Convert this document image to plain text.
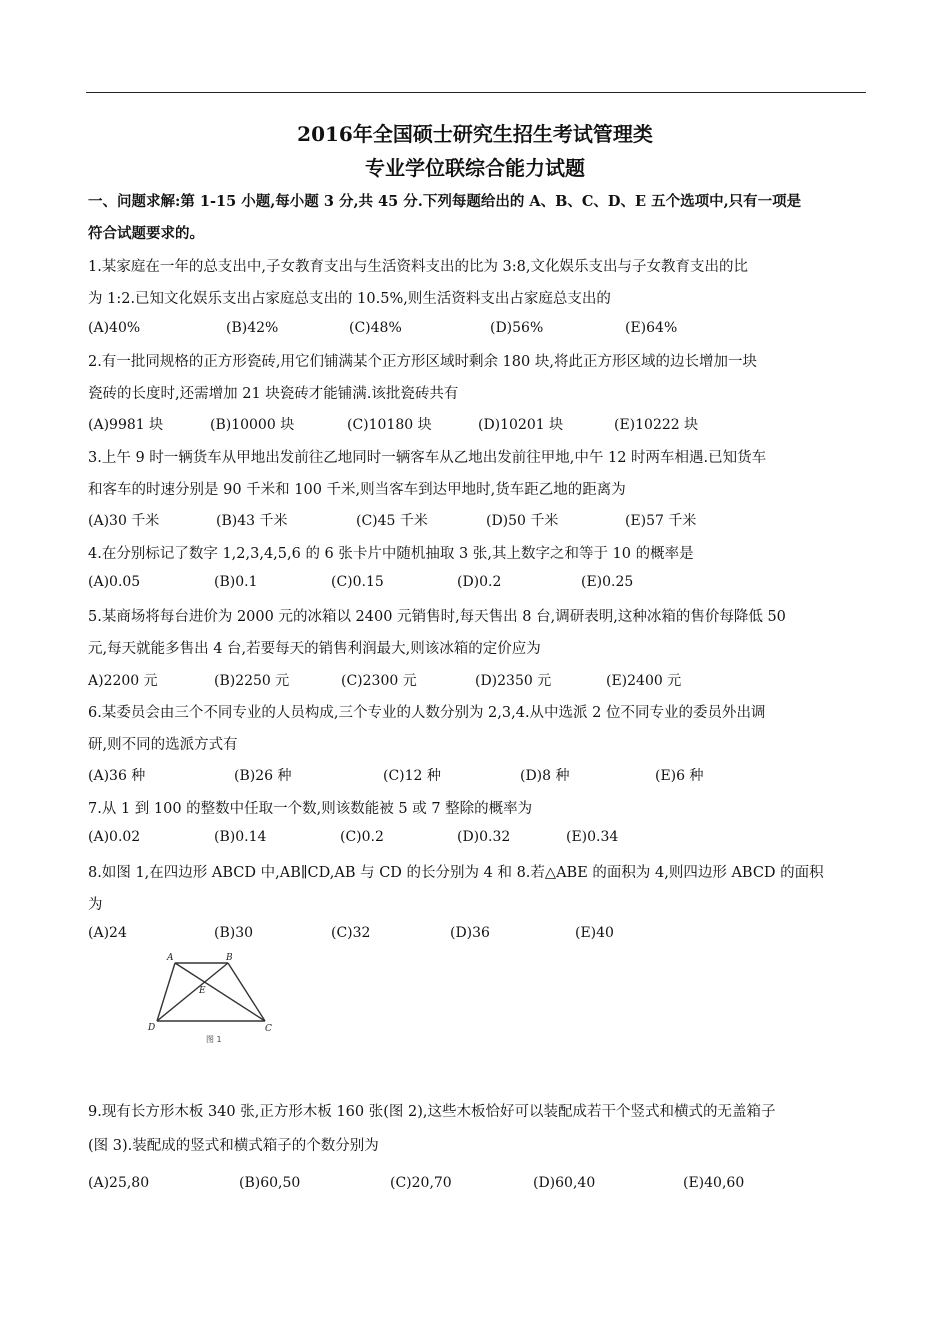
2016年全国硕士研究生招生考试管理类
专业学位联综合能力试题
一、问题求解:第 1-15 小题,每小题 3 分,共 45 分.下列每题给出的 A、B、C、D、E 五个选项中,只有一项是
符合试题要求的。
1.某家庭在一年的总支出中,子女教育支出与生活资料支出的比为 3:8,文化娱乐支出与子女教育支出的比
为 1:2.已知文化娱乐支出占家庭总支出的 10.5%,则生活资料支出占家庭总支出的
(A)40%	(B)42%	(C)48%	(D)56%	(E)64%
2.有一批同规格的正方形瓷砖,用它们铺满某个正方形区域时剩余 180 块,将此正方形区域的边长增加一块
瓷砖的长度时,还需增加 21 块瓷砖才能铺满.该批瓷砖共有
(A)9981 块	(B)10000 块	(C)10180 块	(D)10201 块	(E)10222 块
3.上午 9 时一辆货车从甲地出发前往乙地同时一辆客车从乙地出发前往甲地,中午 12 时两车相遇.已知货车
和客车的时速分别是 90 千米和 100 千米,则当客车到达甲地时,货车距乙地的距离为
(A)30 千米	(B)43 千米	(C)45 千米	(D)50 千米	(E)57 千米
4.在分别标记了数字 1,2,3,4,5,6 的 6 张卡片中随机抽取 3 张,其上数字之和等于 10 的概率是
(A)0.05	(B)0.1	(C)0.15	(D)0.2	(E)0.25
5.某商场将每台进价为 2000 元的冰箱以 2400 元销售时,每天售出 8 台,调研表明,这种冰箱的售价每降低 50
元,每天就能多售出 4 台,若要每天的销售利润最大,则该冰箱的定价应为
A)2200 元	(B)2250 元	(C)2300 元	(D)2350 元	(E)2400 元
6.某委员会由三个不同专业的人员构成,三个专业的人数分别为 2,3,4.从中选派 2 位不同专业的委员外出调
研,则不同的选派方式有
(A)36 种	(B)26 种	(C)12 种	(D)8 种	(E)6 种
7.从 1 到 100 的整数中任取一个数,则该数能被 5 或 7 整除的概率为
(A)0.02	(B)0.14	(C)0.2	(D)0.32	(E)0.34
8.如图 1,在四边形 ABCD 中,AB∥CD,AB 与 CD 的长分别为 4 和 8.若△ABE 的面积为 4,则四边形 ABCD 的面积
为
(A)24	(B)30	(C)32	(D)36	(E)40
A	B
C
D
E
图 1
9.现有长方形木板 340 张,正方形木板 160 张(图 2),这些木板恰好可以装配成若干个竖式和横式的无盖箱子
(图 3).装配成的竖式和横式箱子的个数分别为
(A)25,80	(B)60,50	(C)20,70	(D)60,40	(E)40,60
